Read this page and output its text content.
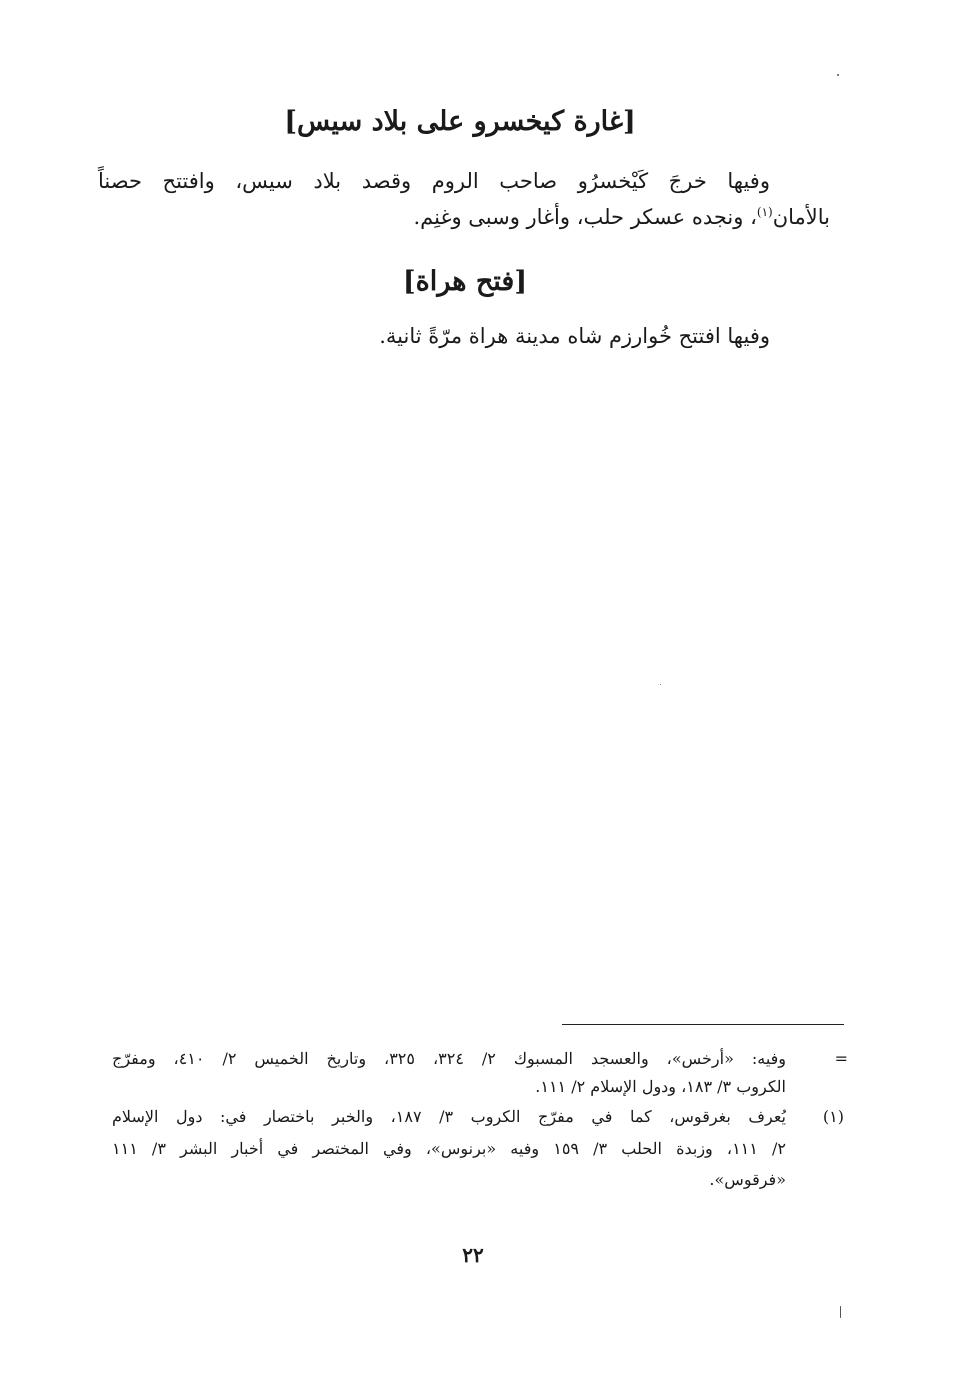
[غارة كيخسرو على بلاد سيس]
وفيها خرجَ كَيْخسرُو صاحب الروم وقصد بلاد سيس، وافتتح حصناً
بالأمان$^{(١)}$، ونجده عسكر حلب، وأغار وسبى وغنِم.
[فتح هراة]
وفيها افتتح خُوارزم شاه مدينة هراة مرّةً ثانية.
=
وفيه: «أرخس»، والعسجد المسبوك ٢/ ٣٢٤، ٣٢٥، وتاريخ الخميس ٢/ ٤١٠، ومفرّج
الكروب ٣/ ١٨٣، ودول الإسلام ٢/ ١١١.
(١)
يُعرف بغرقوس، كما في مفرّج الكروب ٣/ ١٨٧، والخبر باختصار في: دول الإسلام
٢/ ١١١، وزبدة الحلب ٣/ ١٥٩ وفيه «برنوس»، وفي المختصر في أخبار البشر ٣/ ١١١
«فرقوس».
٢٢
